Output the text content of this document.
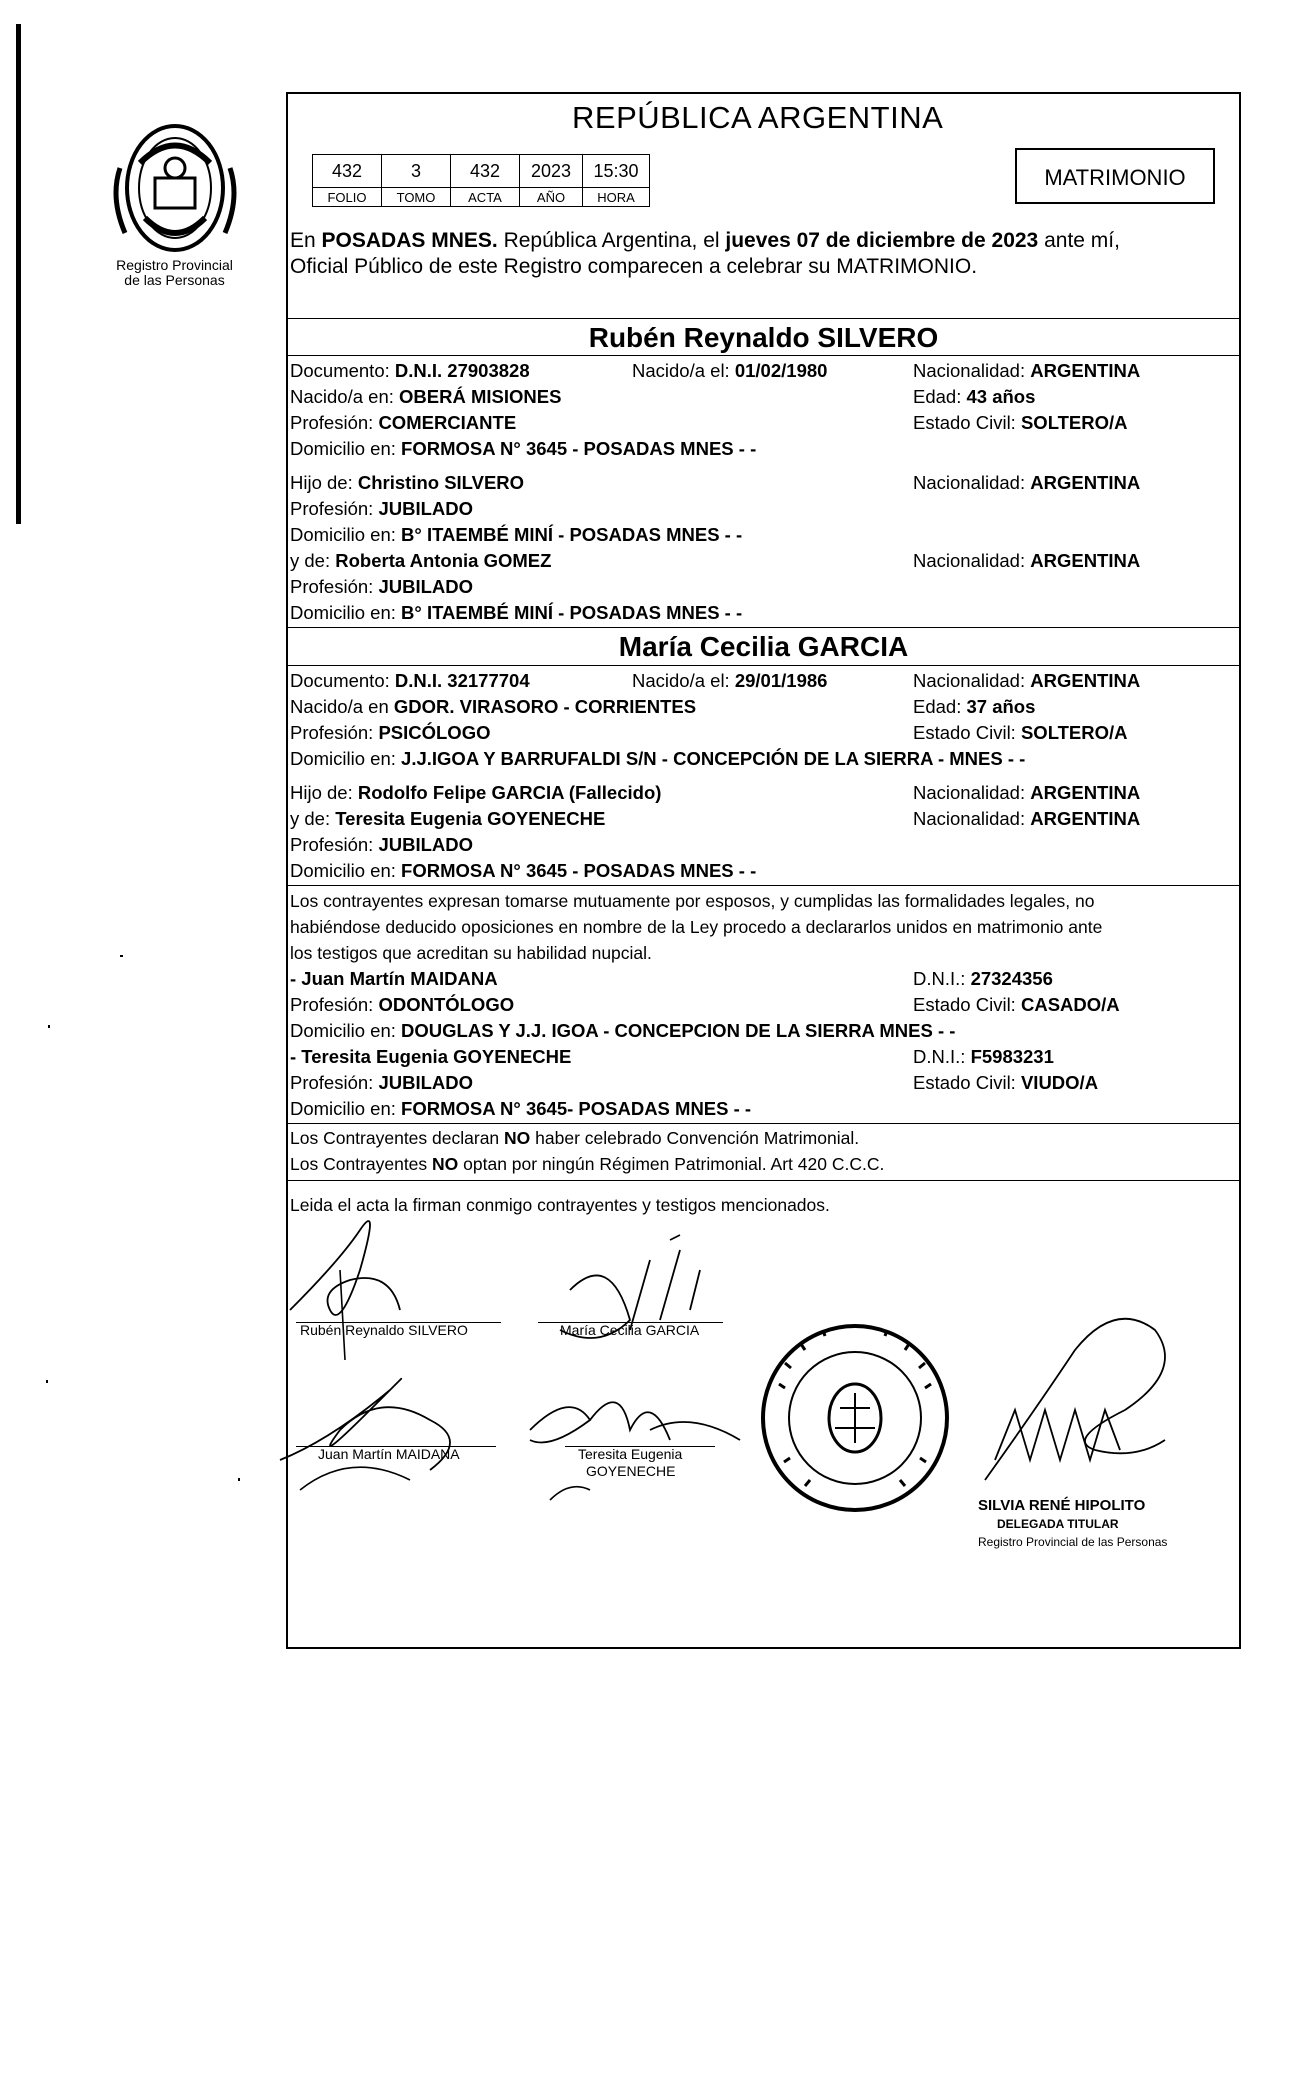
Registro Provincial
de las Personas
REPÚBLICA ARGENTINA
432	3	432	2023	15:30
FOLIO	TOMO	ACTA	AÑO	HORA
MATRIMONIO
En POSADAS MNES. República Argentina, el jueves 07 de diciembre de 2023 ante mí,
Oficial Público de este Registro comparecen a celebrar su MATRIMONIO.
Rubén Reynaldo SILVERO
Documento: D.N.I. 27903828	Nacido/a el: 01/02/1980	Nacionalidad: ARGENTINA
Nacido/a en: OBERÁ MISIONES	Edad: 43 años
Profesión: COMERCIANTE	Estado Civil: SOLTERO/A
Domicilio en: FORMOSA N° 3645 - POSADAS MNES - -
Hijo de: Christino SILVERO	Nacionalidad: ARGENTINA
Profesión: JUBILADO
Domicilio en: B° ITAEMBÉ MINÍ - POSADAS MNES - -
y de: Roberta Antonia GOMEZ	Nacionalidad: ARGENTINA
Profesión: JUBILADO
Domicilio en: B° ITAEMBÉ MINÍ - POSADAS MNES - -
María Cecilia GARCIA
Documento: D.N.I. 32177704	Nacido/a el: 29/01/1986	Nacionalidad: ARGENTINA
Nacido/a en GDOR. VIRASORO - CORRIENTES	Edad: 37 años
Profesión: PSICÓLOGO	Estado Civil: SOLTERO/A
Domicilio en: J.J.IGOA Y BARRUFALDI S/N - CONCEPCIÓN DE LA SIERRA - MNES - -
Hijo de: Rodolfo Felipe GARCIA (Fallecido)	Nacionalidad: ARGENTINA
y de: Teresita Eugenia GOYENECHE	Nacionalidad: ARGENTINA
Profesión: JUBILADO
Domicilio en: FORMOSA N° 3645 - POSADAS MNES - -
Los contrayentes expresan tomarse mutuamente por esposos, y cumplidas las formalidades legales, no
habiéndose deducido oposiciones en nombre de la Ley procedo a declararlos unidos en matrimonio ante
los testigos que acreditan su habilidad nupcial.
- Juan Martín MAIDANA	D.N.I.: 27324356
Profesión: ODONTÓLOGO	Estado Civil: CASADO/A
Domicilio en: DOUGLAS Y J.J. IGOA - CONCEPCION DE LA SIERRA MNES - -
- Teresita Eugenia GOYENECHE	D.N.I.: F5983231
Profesión: JUBILADO	Estado Civil: VIUDO/A
Domicilio en: FORMOSA N° 3645- POSADAS MNES - -
Los Contrayentes declaran NO haber celebrado Convención Matrimonial.
Los Contrayentes NO optan por ningún Régimen Patrimonial. Art 420 C.C.C.
Leida el acta la firman conmigo contrayentes y testigos mencionados.
Rubén Reynaldo SILVERO	María Cecilia GARCIA
Juan Martín MAIDANA	Teresita Eugenia
GOYENECHE
SILVIA RENÉ HIPOLITO
DELEGADA TITULAR
Registro Provincial de las Personas
